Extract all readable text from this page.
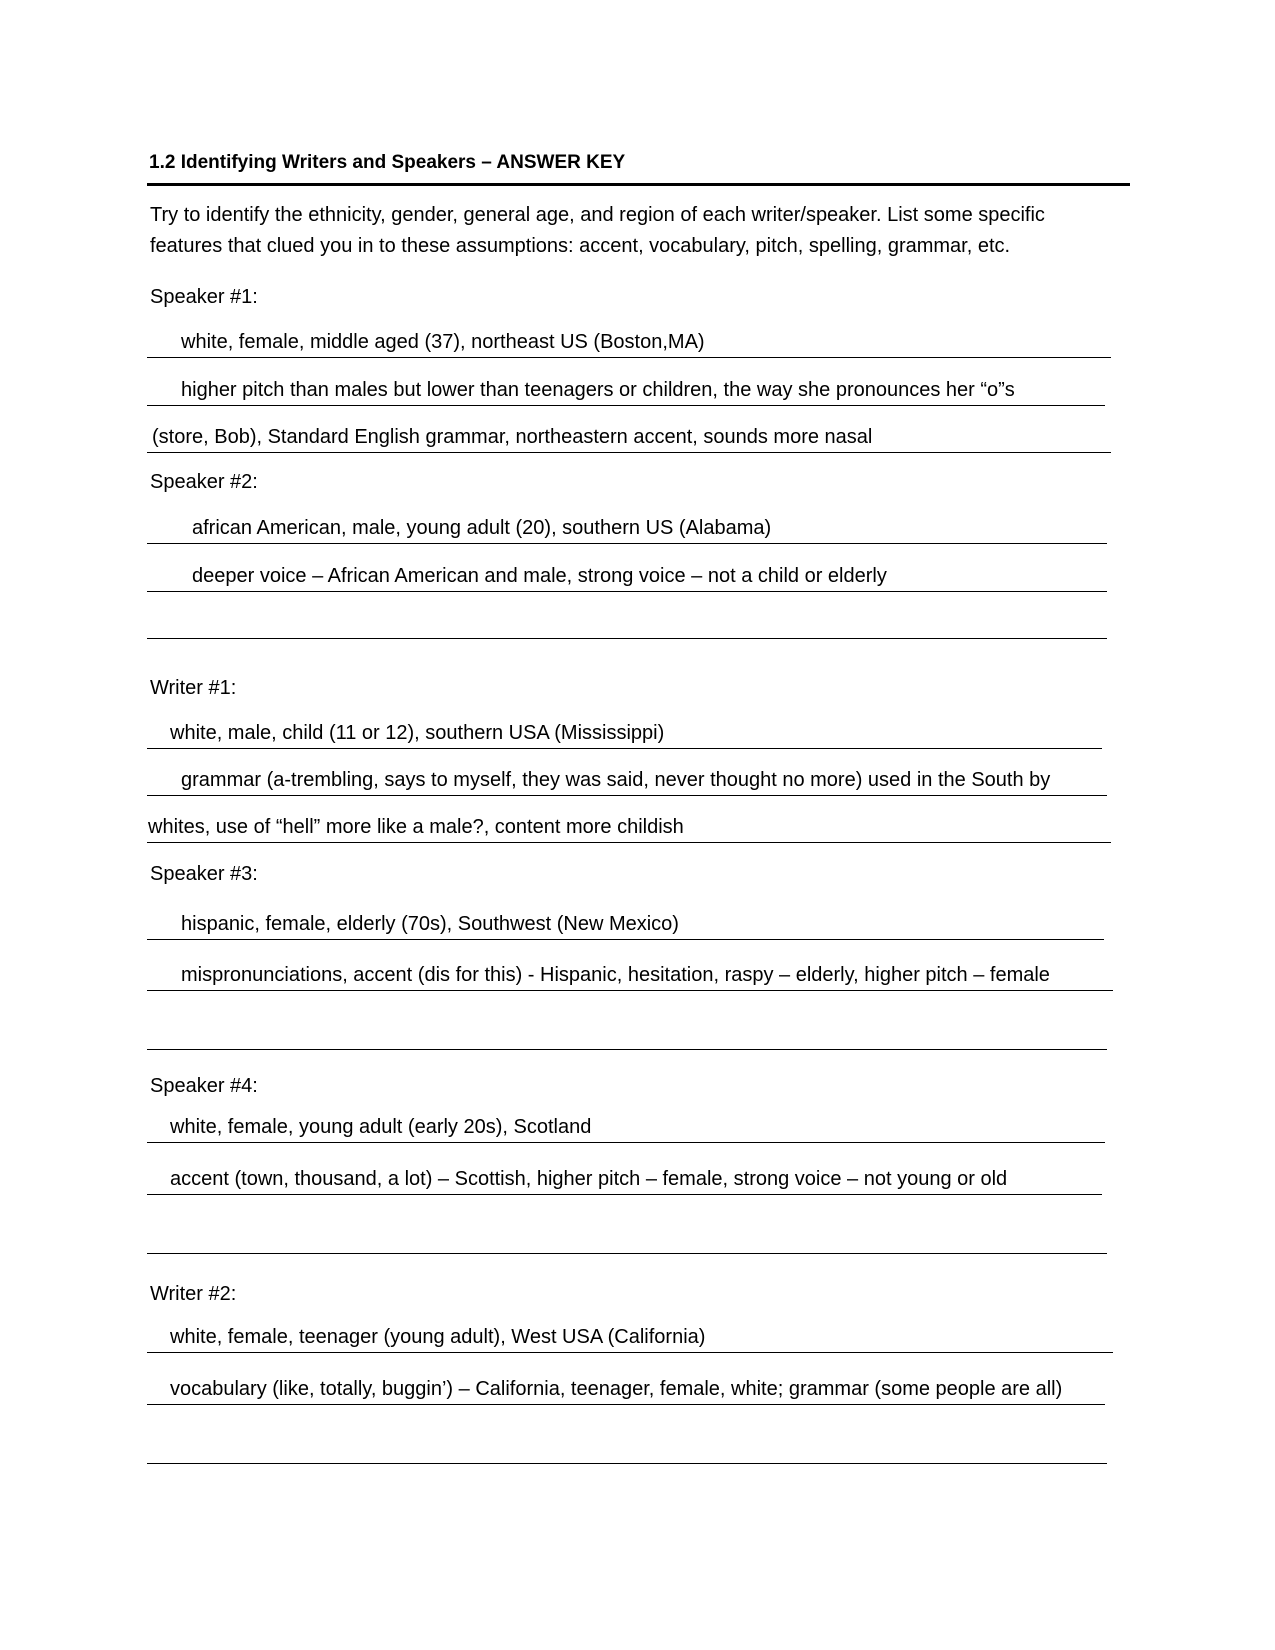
1.2 Identifying Writers and Speakers – ANSWER KEY
Try to identify the ethnicity, gender, general age, and region of each writer/speaker. List some specific
features that clued you in to these assumptions: accent, vocabulary, pitch, spelling, grammar, etc.
Speaker #1:
white, female, middle aged (37), northeast US (Boston,MA)
higher pitch than males but lower than teenagers or children, the way she pronounces her “o”s
(store, Bob), Standard English grammar, northeastern accent, sounds more nasal
Speaker #2:
african American, male, young adult (20), southern US (Alabama)
deeper voice – African American and male, strong voice – not a child or elderly
Writer #1:
white, male, child (11 or 12), southern USA (Mississippi)
grammar (a-trembling, says to myself, they was said, never thought no more) used in the South by
whites, use of “hell” more like a male?, content more childish
Speaker #3:
hispanic, female, elderly (70s), Southwest (New Mexico)
mispronunciations, accent (dis for this) - Hispanic, hesitation, raspy – elderly, higher pitch – female
Speaker #4:
white, female, young adult (early 20s), Scotland
accent (town, thousand, a lot) – Scottish, higher pitch – female, strong voice – not young or old
Writer #2:
white, female, teenager (young adult), West USA (California)
vocabulary (like, totally, buggin’) – California, teenager, female, white; grammar (some people are all)
